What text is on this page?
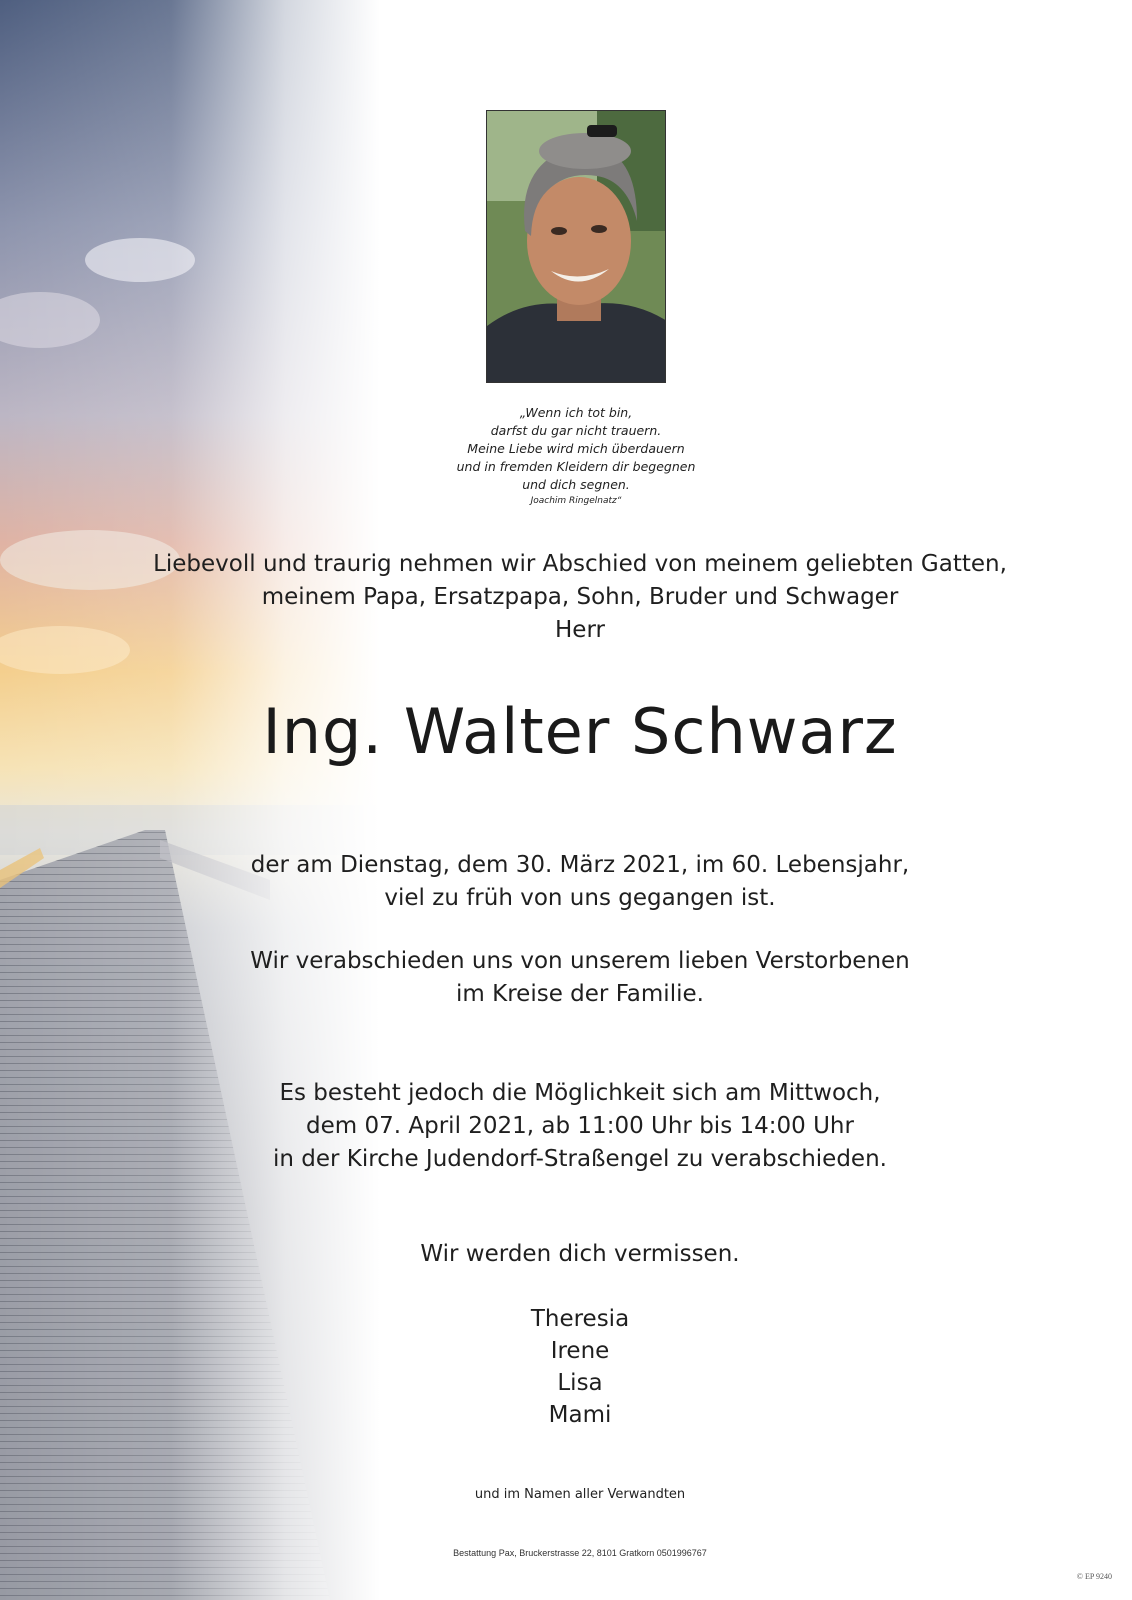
„Wenn ich tot bin,
darfst du gar nicht trauern.
Meine Liebe wird mich überdauern
und in fremden Kleidern dir begegnen
und dich segnen.
Joachim Ringelnatz“
Liebevoll und traurig nehmen wir Abschied von meinem geliebten Gatten,
meinem Papa, Ersatzpapa, Sohn, Bruder und Schwager
Herr
Ing. Walter Schwarz
der am Dienstag, dem 30. März 2021, im 60. Lebensjahr,
viel zu früh von uns gegangen ist.
Wir verabschieden uns von unserem lieben Verstorbenen
im Kreise der Familie.
Es besteht jedoch die Möglichkeit sich am Mittwoch,
dem 07. April 2021, ab 11:00 Uhr bis 14:00 Uhr
in der Kirche Judendorf-Straßengel zu verabschieden.
Wir werden dich vermissen.
Theresia
Irene
Lisa
Mami
und im Namen aller Verwandten
Bestattung Pax, Bruckerstrasse 22, 8101 Gratkorn 0501996767
© EP 9240
